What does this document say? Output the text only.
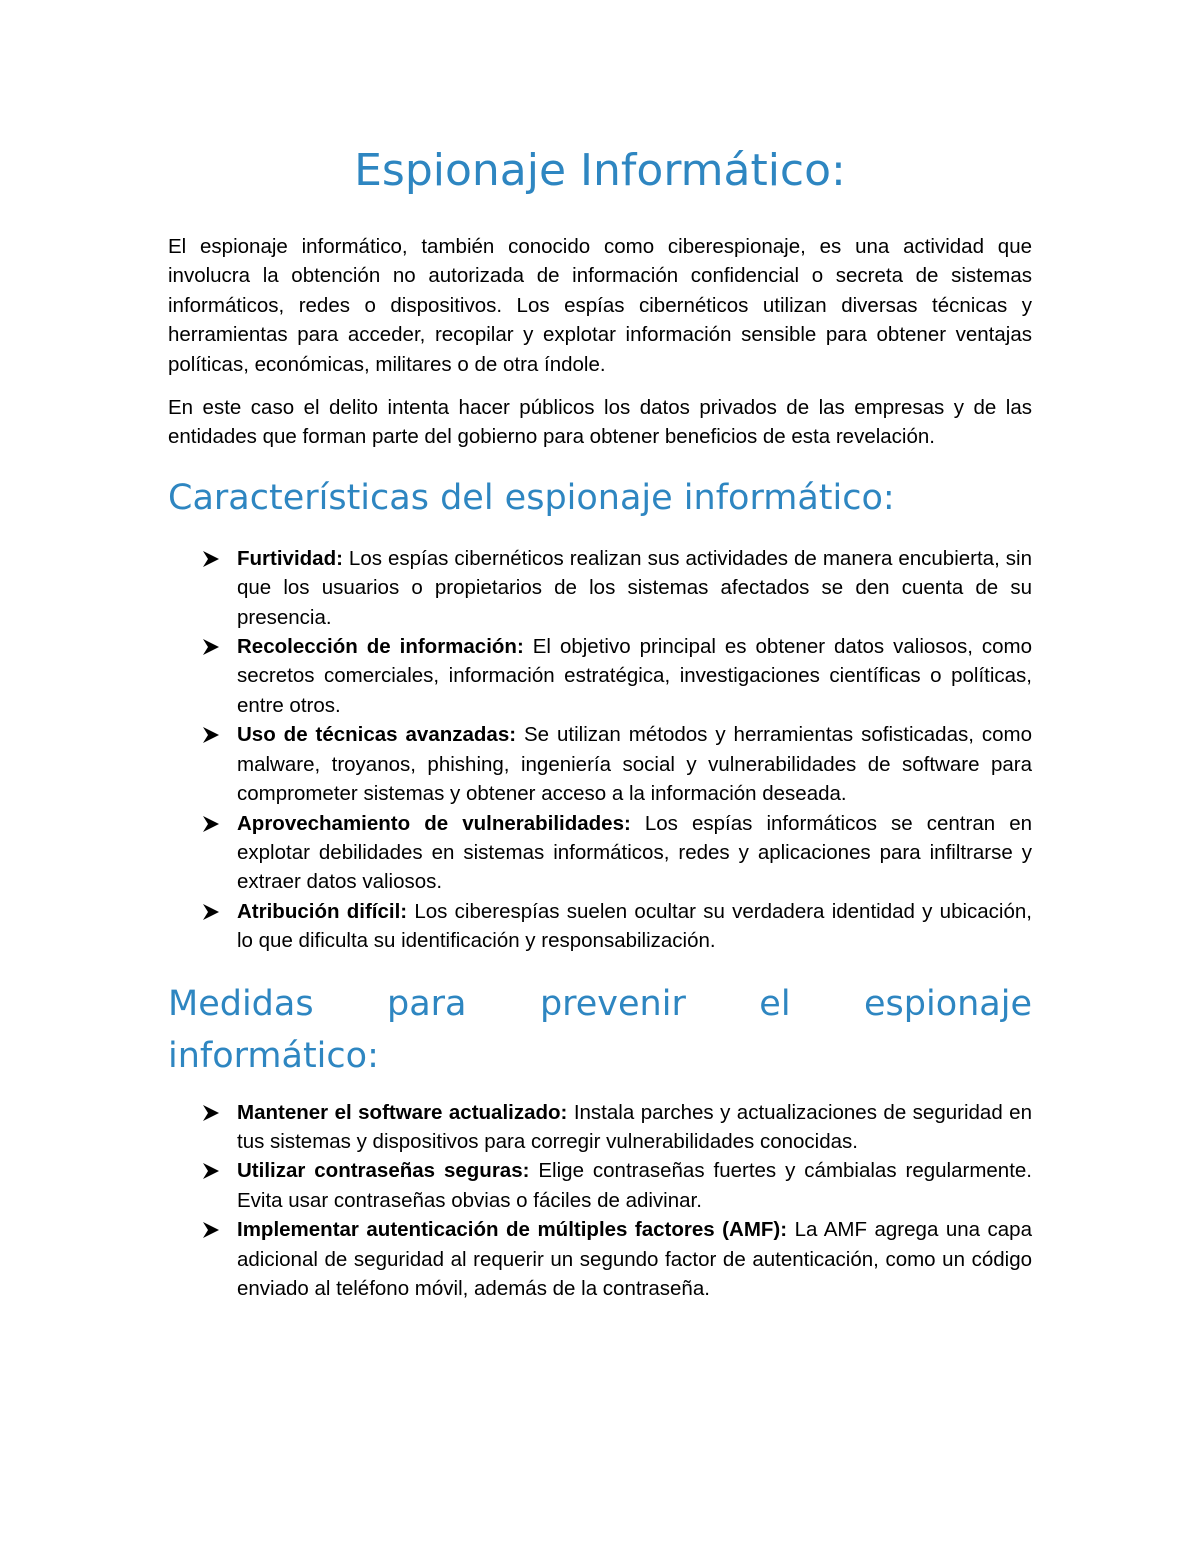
Espionaje Informático:

El espionaje informático, también conocido como ciberespionaje, es una actividad que involucra la obtención no autorizada de información confidencial o secreta de sistemas informáticos, redes o dispositivos. Los espías cibernéticos utilizan diversas técnicas y herramientas para acceder, recopilar y explotar información sensible para obtener ventajas políticas, económicas, militares o de otra índole.

En este caso el delito intenta hacer públicos los datos privados de las empresas y de las entidades que forman parte del gobierno para obtener beneficios de esta revelación.

Características del espionaje informático:
Furtividad: Los espías cibernéticos realizan sus actividades de manera encubierta, sin que los usuarios o propietarios de los sistemas afectados se den cuenta de su presencia.
Recolección de información: El objetivo principal es obtener datos valiosos, como secretos comerciales, información estratégica, investigaciones científicas o políticas, entre otros.
Uso de técnicas avanzadas: Se utilizan métodos y herramientas sofisticadas, como malware, troyanos, phishing, ingeniería social y vulnerabilidades de software para comprometer sistemas y obtener acceso a la información deseada.
Aprovechamiento de vulnerabilidades: Los espías informáticos se centran en explotar debilidades en sistemas informáticos, redes y aplicaciones para infiltrarse y extraer datos valiosos.
Atribución difícil: Los ciberespías suelen ocultar su verdadera identidad y ubicación, lo que dificulta su identificación y responsabilización.
Medidas para prevenir el espionaje
informático:
Mantener el software actualizado: Instala parches y actualizaciones de seguridad en tus sistemas y dispositivos para corregir vulnerabilidades conocidas.
Utilizar contraseñas seguras: Elige contraseñas fuertes y cámbialas regularmente. Evita usar contraseñas obvias o fáciles de adivinar.
Implementar autenticación de múltiples factores (AMF): La AMF agrega una capa adicional de seguridad al requerir un segundo factor de autenticación, como un código enviado al teléfono móvil, además de la contraseña.
